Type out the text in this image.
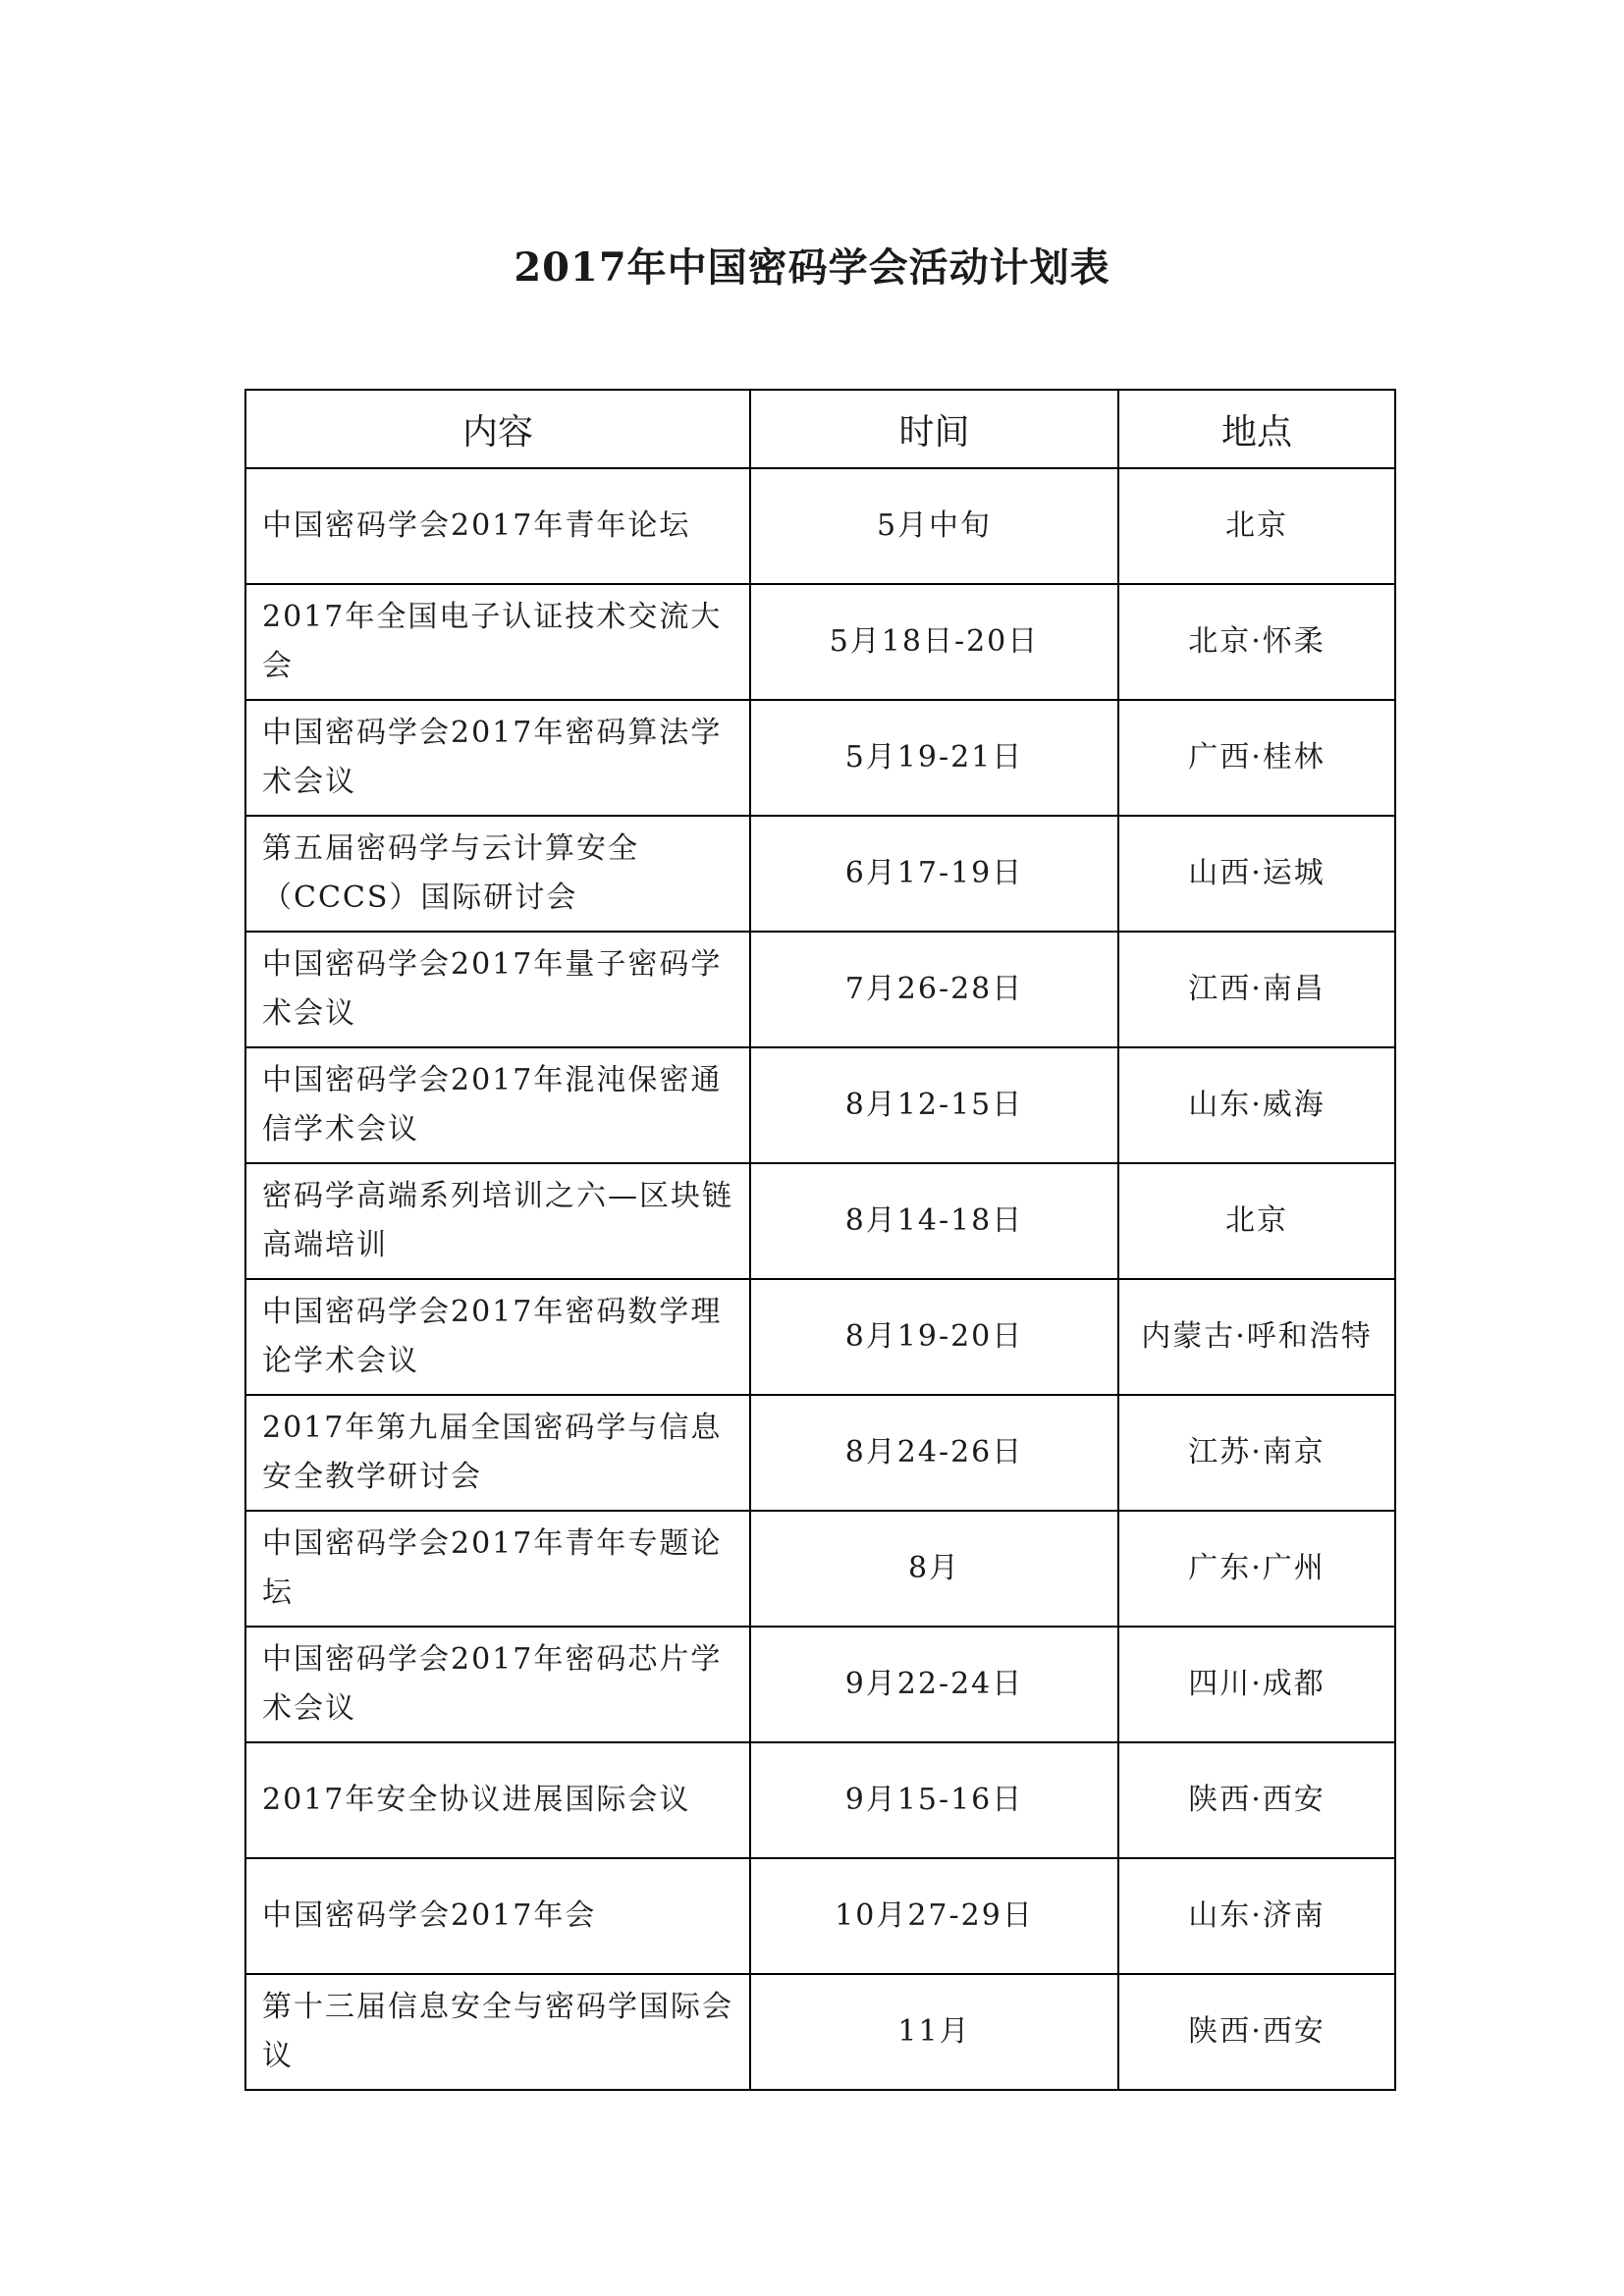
2017年中国密码学会活动计划表
内容	时间	地点
中国密码学会2017年青年论坛	5月中旬	北京
2017年全国电子认证技术交流大会	5月18日-20日	北京·怀柔
中国密码学会2017年密码算法学术会议	5月19-21日	广西·桂林
第五届密码学与云计算安全（CCCS）国际研讨会	6月17-19日	山西·运城
中国密码学会2017年量子密码学术会议	7月26-28日	江西·南昌
中国密码学会2017年混沌保密通信学术会议	8月12-15日	山东·威海
密码学高端系列培训之六—区块链高端培训	8月14-18日	北京
中国密码学会2017年密码数学理论学术会议	8月19-20日	内蒙古·呼和浩特
2017年第九届全国密码学与信息安全教学研讨会	8月24-26日	江苏·南京
中国密码学会2017年青年专题论坛	8月	广东·广州
中国密码学会2017年密码芯片学术会议	9月22-24日	四川·成都
2017年安全协议进展国际会议	9月15-16日	陕西·西安
中国密码学会2017年会	10月27-29日	山东·济南
第十三届信息安全与密码学国际会议	11月	陕西·西安
